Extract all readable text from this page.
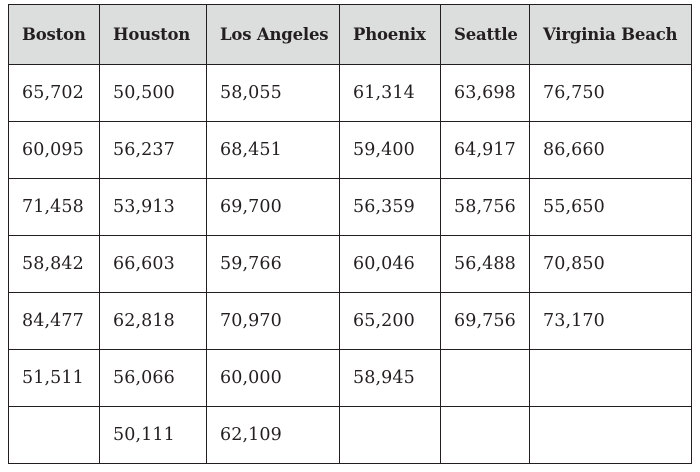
Boston	Houston	Los Angeles	Phoenix	Seattle	Virginia Beach
65,702	50,500	58,055	61,314	63,698	76,750
60,095	56,237	68,451	59,400	64,917	86,660
71,458	53,913	69,700	56,359	58,756	55,650
58,842	66,603	59,766	60,046	56,488	70,850
84,477	62,818	70,970	65,200	69,756	73,170
51,511	56,066	60,000	58,945		
	50,111	62,109			
